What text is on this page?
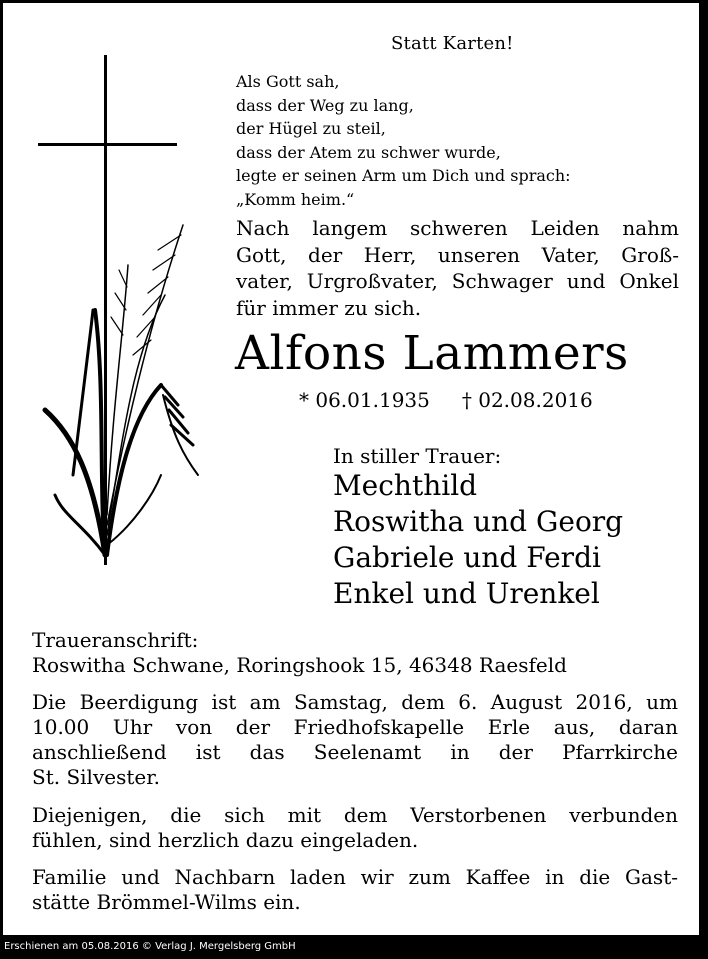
Statt Karten!
Als Gott sah,
dass der Weg zu lang,
der Hügel zu steil,
dass der Atem zu schwer wurde,
legte er seinen Arm um Dich und sprach:
„Komm heim.“
Nach langem schweren Leiden nahm
Gott, der Herr, unseren Vater, Groß-
vater, Urgroßvater, Schwager und Onkel
für immer zu sich.
Alfons Lammers
* 06.01.1935 † 02.08.2016
In stiller Trauer:
Mechthild
Roswitha und Georg
Gabriele und Ferdi
Enkel und Urenkel
Traueranschrift:
Roswitha Schwane, Roringshook 15, 46348 Raesfeld
Die Beerdigung ist am Samstag, dem 6. August 2016, um
10.00 Uhr von der Friedhofskapelle Erle aus, daran
anschließend ist das Seelenamt in der Pfarrkirche
St. Silvester.
Diejenigen, die sich mit dem Verstorbenen verbunden
fühlen, sind herzlich dazu eingeladen.
Familie und Nachbarn laden wir zum Kaffee in die Gast-
stätte Brömmel-Wilms ein.
Erschienen am 05.08.2016 © Verlag J. Mergelsberg GmbH
